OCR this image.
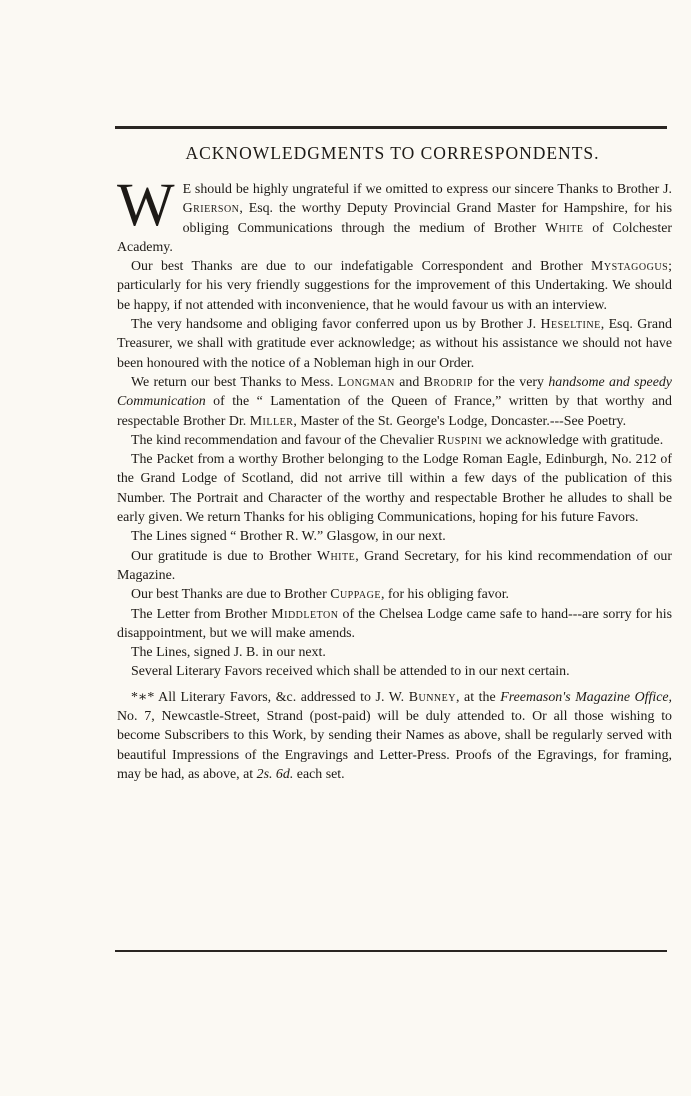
ACKNOWLEDGMENTS TO CORRESPONDENTS.

W E should be highly ungrateful if we omitted to express our sincere Thanks to Brother J. Grierson, Esq. the worthy Deputy Provincial Grand Master for Hampshire, for his obliging Communications through the medium of Brother White of Colchester Academy.

Our best Thanks are due to our indefatigable Correspondent and Brother Mystagogus; particularly for his very friendly suggestions for the improvement of this Undertaking. We should be happy, if not attended with inconvenience, that he would favour us with an interview.

The very handsome and obliging favor conferred upon us by Brother J. Heseltine, Esq. Grand Treasurer, we shall with gratitude ever acknowledge; as without his assistance we should not have been honoured with the notice of a Nobleman high in our Order.

We return our best Thanks to Mess. Longman and Brodrip for the very handsome and speedy Communication of the “ Lamentation of the Queen of France,” written by that worthy and respectable Brother Dr. Miller, Master of the St. George's Lodge, Doncaster.---See Poetry.

The kind recommendation and favour of the Chevalier Ruspini we acknowledge with gratitude.

The Packet from a worthy Brother belonging to the Lodge Roman Eagle, Edinburgh, No. 212 of the Grand Lodge of Scotland, did not arrive till within a few days of the publication of this Number. The Portrait and Character of the worthy and respectable Brother he alludes to shall be early given. We return Thanks for his obliging Communications, hoping for his future Favors.

The Lines signed “ Brother R. W.” Glasgow, in our next.

Our gratitude is due to Brother White, Grand Secretary, for his kind recommendation of our Magazine.

Our best Thanks are due to Brother Cuppage, for his obliging favor.

The Letter from Brother Middleton of the Chelsea Lodge came safe to hand---are sorry for his disappointment, but we will make amends.

The Lines, signed J. B. in our next.

Several Literary Favors received which shall be attended to in our next certain.

*∗* All Literary Favors, &c. addressed to J. W. Bunney, at the Freemason's Magazine Office, No. 7, Newcastle-Street, Strand (post-paid) will be duly attended to. Or all those wishing to become Subscribers to this Work, by sending their Names as above, shall be regularly served with beautiful Impressions of the Engravings and Letter-Press. Proofs of the Egravings, for framing, may be had, as above, at 2s. 6d. each set.
